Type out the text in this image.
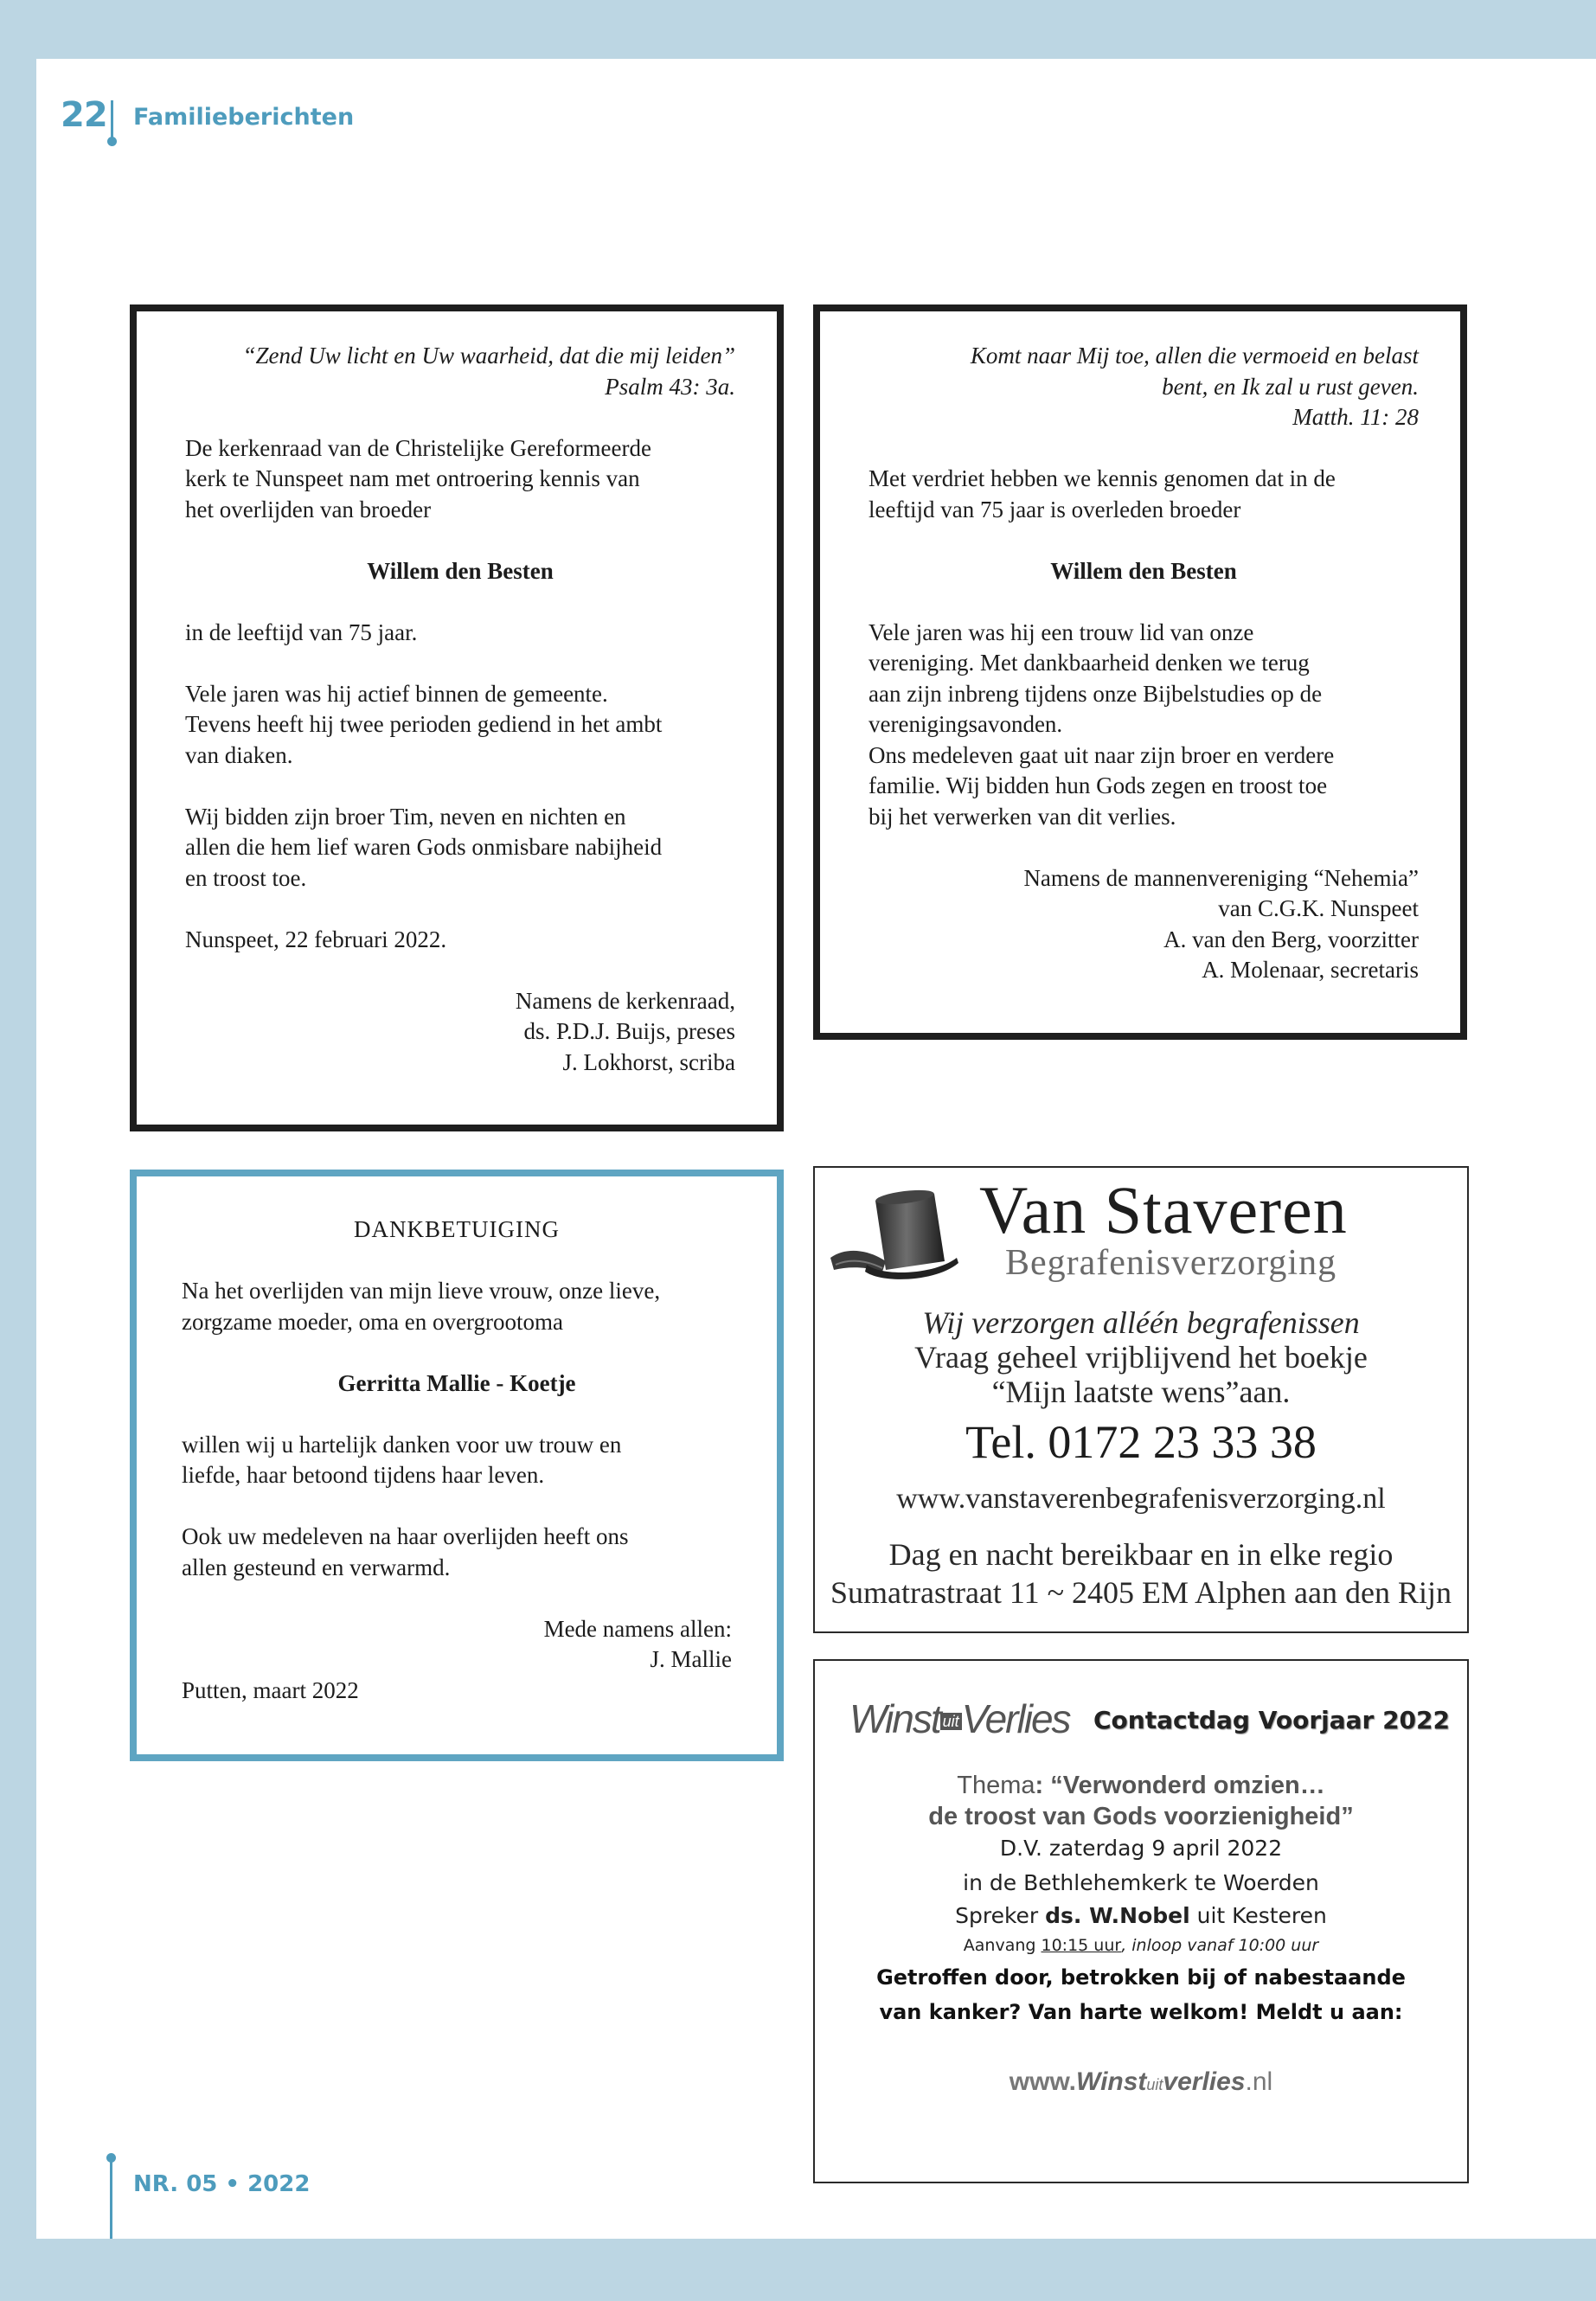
22 Familieberichten
“Zend Uw licht en Uw waarheid, dat die mij leiden”
Psalm 43: 3a.
De kerkenraad van de Christelijke Gereformeerde
kerk te Nunspeet nam met ontroering kennis van
het overlijden van broeder
Willem den Besten
in de leeftijd van 75 jaar.
Vele jaren was hij actief binnen de gemeente.
Tevens heeft hij twee perioden gediend in het ambt
van diaken.
Wij bidden zijn broer Tim, neven en nichten en
allen die hem lief waren Gods onmisbare nabijheid
en troost toe.
Nunspeet, 22 februari 2022.
Namens de kerkenraad,
ds. P.D.J. Buijs, preses
J. Lokhorst, scriba
Komt naar Mij toe, allen die vermoeid en belast
bent, en Ik zal u rust geven.
Matth. 11: 28
Met verdriet hebben we kennis genomen dat in de
leeftijd van 75 jaar is overleden broeder
Willem den Besten
Vele jaren was hij een trouw lid van onze
vereniging. Met dankbaarheid denken we terug
aan zijn inbreng tijdens onze Bijbelstudies op de
verenigingsavonden.
Ons medeleven gaat uit naar zijn broer en verdere
familie. Wij bidden hun Gods zegen en troost toe
bij het verwerken van dit verlies.
Namens de mannenvereniging “Nehemia”
van C.G.K. Nunspeet
A. van den Berg, voorzitter
A. Molenaar, secretaris
DANKBETUIGING
Na het overlijden van mijn lieve vrouw, onze lieve,
zorgzame moeder, oma en overgrootoma
Gerritta Mallie - Koetje
willen wij u hartelijk danken voor uw trouw en
liefde, haar betoond tijdens haar leven.
Ook uw medeleven na haar overlijden heeft ons
allen gesteund en verwarmd.
Mede namens allen:
J. Mallie
Putten, maart 2022
Van Staveren
Begrafenisverzorging
Wij verzorgen alléén begrafenissen
Vraag geheel vrijblijvend het boekje
“Mijn laatste wens”aan.
Tel. 0172 23 33 38
www.vanstaverenbegrafenisverzorging.nl
Dag en nacht bereikbaar en in elke regio
Sumatrastraat 11 ~ 2405 EM Alphen aan den Rijn
Winst uitVerlies Contactdag Voorjaar 2022
Thema: “Verwonderd omzien…
de troost van Gods voorzienigheid”
D.V. zaterdag 9 april 2022
in de Bethlehemkerk te Woerden
Spreker ds. W.Nobel uit Kesteren
Aanvang 10:15 uur, inloop vanaf 10:00 uur
Getroffen door, betrokken bij of nabestaande
van kanker? Van harte welkom! Meldt u aan:
www.Winstuitverlies.nl
NR. 05 • 2022
